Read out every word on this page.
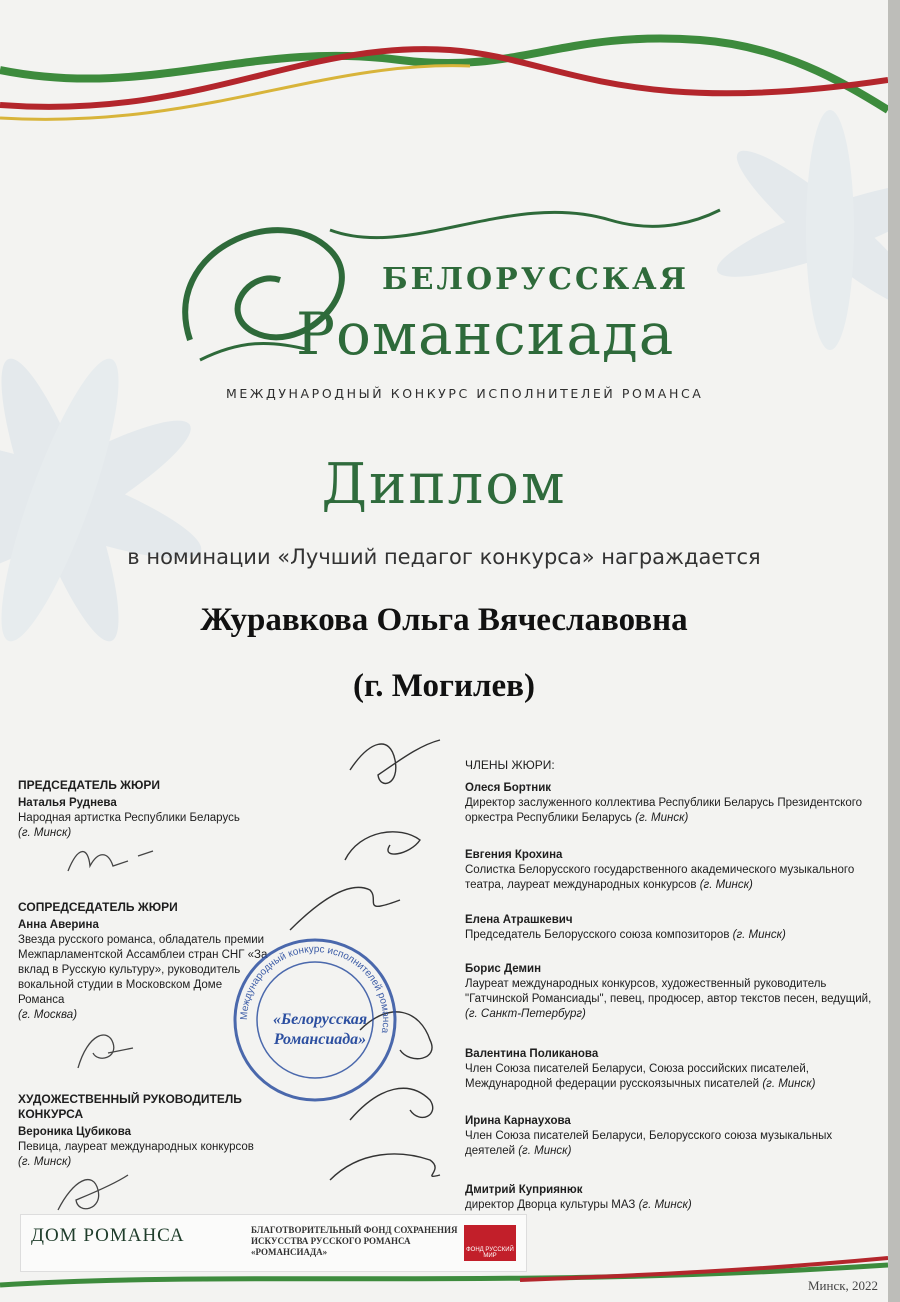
БЕЛОРУССКАЯ
Романсиада
МЕЖДУНАРОДНЫЙ КОНКУРС ИСПОЛНИТЕЛЕЙ РОМАНСА
Диплом
в номинации «Лучший педагог конкурса» награждается
Журавкова Ольга Вячеславовна
(г. Могилев)
ПРЕДСЕДАТЕЛЬ ЖЮРИ
Наталья Руднева
Народная артистка Республики Беларусь
(г. Минск)
СОПРЕДСЕДАТЕЛЬ ЖЮРИ
Анна Аверина
Звезда русского романса, обладатель премии Межпарламентской Ассамблеи стран СНГ «За вклад в Русскую культуру», руководитель вокальной студии в Московском Доме Романса
(г. Москва)
ХУДОЖЕСТВЕННЫЙ РУКОВОДИТЕЛЬ КОНКУРСА
Вероника Цубикова
Певица, лауреат международных конкурсов
(г. Минск)
ЧЛЕНЫ ЖЮРИ:
Олеся Бортник
Директор заслуженного коллектива Республики Беларусь Президентского оркестра Республики Беларусь (г. Минск)
Евгения Крохина
Солистка Белорусского государственного академического музыкального театра, лауреат международных конкурсов (г. Минск)
Елена Атрашкевич
Председатель Белорусского союза композиторов (г. Минск)
Борис Демин
Лауреат международных конкурсов, художественный руководитель "Гатчинской Романсиады", певец, продюсер, автор текстов песен, ведущий, (г. Санкт-Петербург)
Валентина Поликанова
Член Союза писателей Беларуси, Союза российских писателей, Международной федерации русскоязычных писателей (г. Минск)
Ирина Карнаухова
Член Союза писателей Беларуси, Белорусского союза музыкальных деятелей (г. Минск)
Дмитрий Куприянюк
директор Дворца культуры МАЗ (г. Минск)
Международный конкурс исполнителей романса
«Белорусская Романсиада»
ДОМ РОМАНСА	БЛАГОТВОРИТЕЛЬНЫЙ ФОНД СОХРАНЕНИЯ ИСКУССТВА РУССКОГО РОМАНСА «РОМАНСИАДА»	ФОНД РУССКИЙ МИР
Минск, 2022
